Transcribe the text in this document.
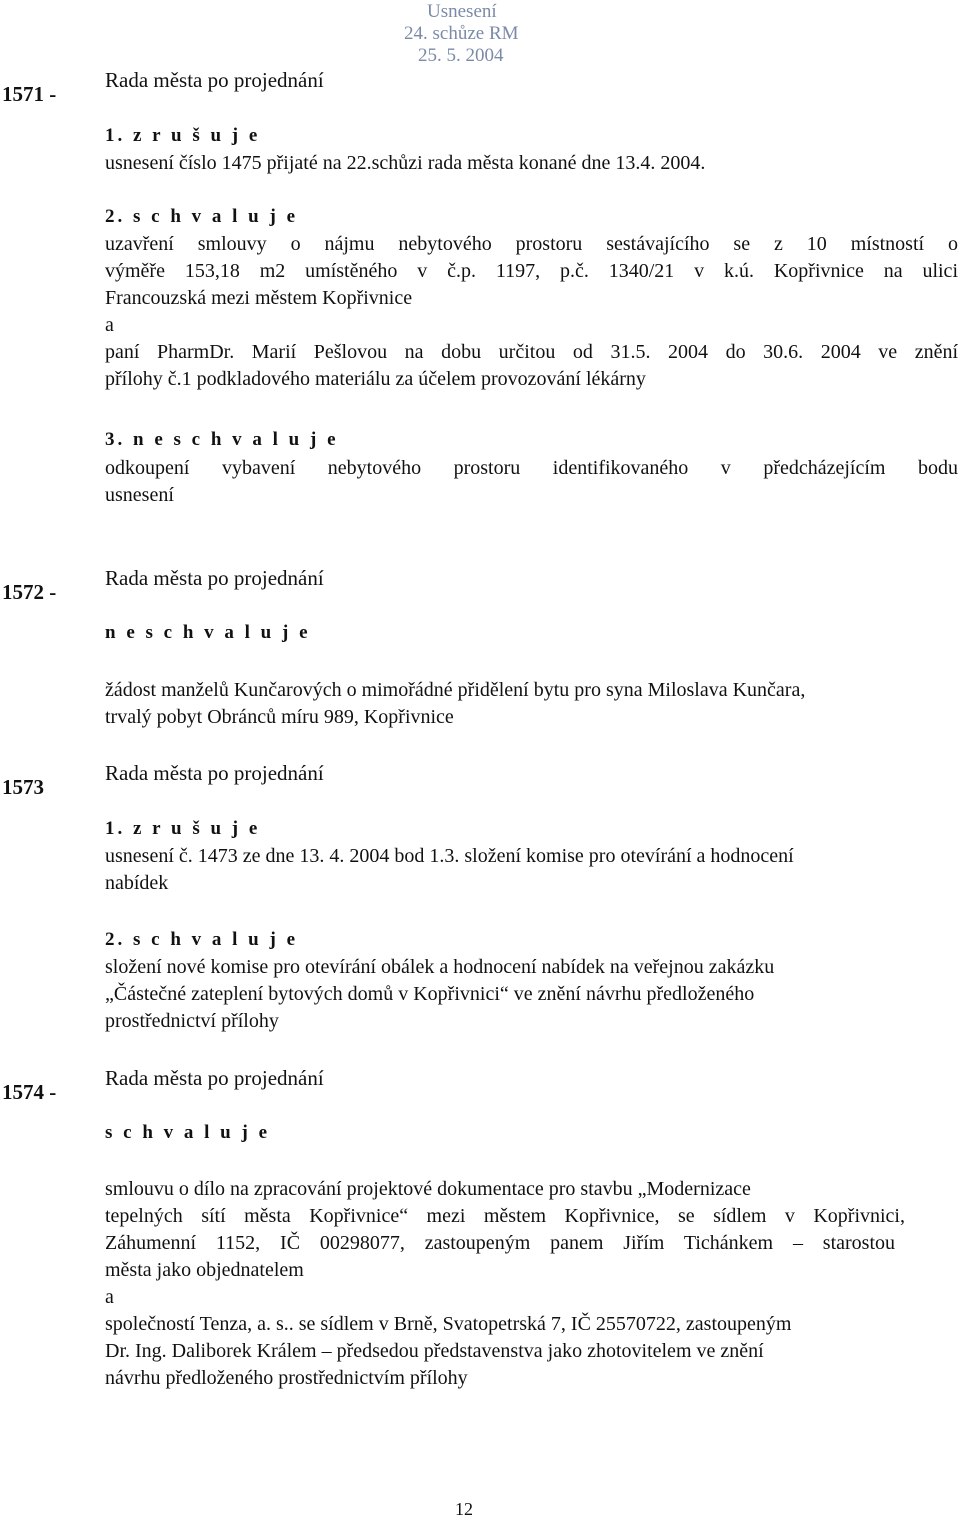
Usnesení
24. schůze RM
25. 5. 2004
1571 -
Rada města po projednání
1. z r u š u j e
usnesení číslo 1475 přijaté na 22.schůzi rada města konané dne 13.4. 2004.
2. s c h v a l u j e
uzavření smlouvy o nájmu nebytového prostoru sestávajícího se z 10 místností o
výměře 153,18 m2 umístěného v č.p. 1197, p.č. 1340/21 v k.ú. Kopřivnice na ulici
Francouzská mezi městem Kopřivnice
a
paní PharmDr. Marií Pešlovou na dobu určitou od 31.5. 2004 do 30.6. 2004 ve znění
přílohy č.1 podkladového materiálu za účelem provozování lékárny
3. n e s c h v a l u j e
odkoupení vybavení nebytového prostoru identifikovaného v předcházejícím bodu
usnesení
1572 -
Rada města po projednání
n e s c h v a l u j e
žádost manželů Kunčarových o mimořádné přidělení bytu pro syna Miloslava Kunčara,
trvalý pobyt Obránců míru 989, Kopřivnice
1573
Rada města po projednání
1. z r u š u j e
usnesení č. 1473 ze dne 13. 4. 2004 bod 1.3. složení komise pro otevírání a hodnocení
nabídek
2. s c h v a l u j e
složení nové komise pro otevírání obálek a hodnocení nabídek na veřejnou zakázku
„Částečné zateplení bytových domů v Kopřivnici“ ve znění návrhu předloženého
prostřednictví přílohy
1574 -
Rada města po projednání
s c h v a l u j e
smlouvu o dílo na zpracování projektové dokumentace pro stavbu „Modernizace
tepelných sítí města Kopřivnice“ mezi městem Kopřivnice, se sídlem v Kopřivnici,
Záhumenní 1152, IČ 00298077, zastoupeným panem Jiřím Tichánkem – starostou
města jako objednatelem
a
společností Tenza, a. s.. se sídlem v Brně, Svatopetrská 7, IČ 25570722, zastoupeným
Dr. Ing. Daliborek Králem – předsedou představenstva jako zhotovitelem ve znění
návrhu předloženého prostřednictvím přílohy
12
